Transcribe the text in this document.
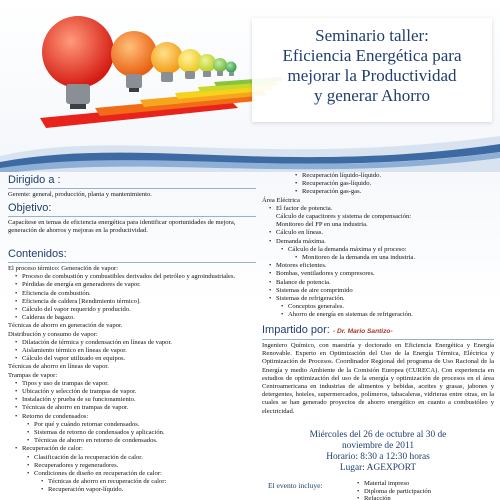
Seminario taller:
Eficiencia Energética para
mejorar la Productividad
y generar Ahorro
Dirigido a :
Gerente: general, producción, planta y mantenimiento.
Objetivo:
Capacítese en temas de eficiencia energética para identificar oportunidades de mejora, generación de ahorros y mejoras en la productividad.
Contenidos:
El proceso térmico: Generación de vapor:
• Proceso de combustión y combustibles derivados del petróleo y agroindustriales.
• Pérdidas de energía en generadores de vapor.
• Eficiencia de combustión.
• Eficiencia de caldera [Rendimiento térmico].
• Cálculo del vapor requerido y producido.
• Calderas de bagazo.
Técnicas de ahorro en generación de vapor.
Distribución y consumo de vapor:
• Dilatación de térmica y condensación en líneas de vapor.
• Aislamiento térmico en líneas de vapor.
• Cálculo del vapor utilizado en equipos.
Técnicas de ahorro en líneas de vapor.
Trampas de vapor:
• Tipos y uso de trampas de vapor.
• Ubicación y selección de trampas de vapor.
• Instalación y prueba de su funcionamiento.
• Técnicas de ahorro en trampas de vapor.
• Retorno de condensados:
• Por qué y cuándo retornar condensados.
• Sistemas de retorno de condensados y aplicación.
• Técnicas de ahorro en retorno de condensados.
• Recuperación de calor:
• Clasificación de la recuperación de calor.
• Recuperadores y regeneradores.
• Condiciones de diseño en recuperación de calor:
• Técnicas de ahorro en recuperación de calor:
• Recuperación vapor-líquido.
• Recuperación líquido-líquido.
• Recuperación gas-líquido.
• Recuperación gas-gas.
Área Eléctrica
• El factor de potencia.
Cálculo de capacitores y sistema de compensación:
Monitoreo del FP en una industria.
• Cálculo en líneas.
• Demanda máxima.
• Cálculo de la demanda máxima y el proceso:
• Monitoreo de la demanda en una industria.
• Motores eficientes.
• Bombas, ventiladores y compresores.
• Balance de potencia.
• Sistemas de aire comprimido
• Sistemas de refrigeración.
• Conceptos generales.
• Ahorro de energía en sistemas de refrigeración.
Impartido por: - Dr. Mario Santizo-
Ingeniero Químico, con maestría y doctorado en Eficiencia Energética y Energía Renovable. Experto en Optimización del Uso de la Energía Térmica, Eléctrica y Optimización de Procesos. Coordinador Regional del programa de Uso Racional de la Energía y medio Ambiente de la Comisión Europea (CURECA). Con experiencia en estudios de optimización del uso de la energía y optimización de procesos en el área Centroamericana en industrias de alimentos y bebidas, aceites y grasas, jabones y detergentes, hoteles, supermercados, polímeros, tabacaleras, vidrieras entre otras, en la cuales se han generado proyectos de ahorro energético en cuanto a combustóleo y electricidad.
Miércoles del 26 de octubre al 30 de
noviembre de 2011
Horario: 8:30 a 12:30 horas
Lugar: AGEXPORT
El evento incluye:
•	Material impreso
• Diploma de participación
• Refacción
